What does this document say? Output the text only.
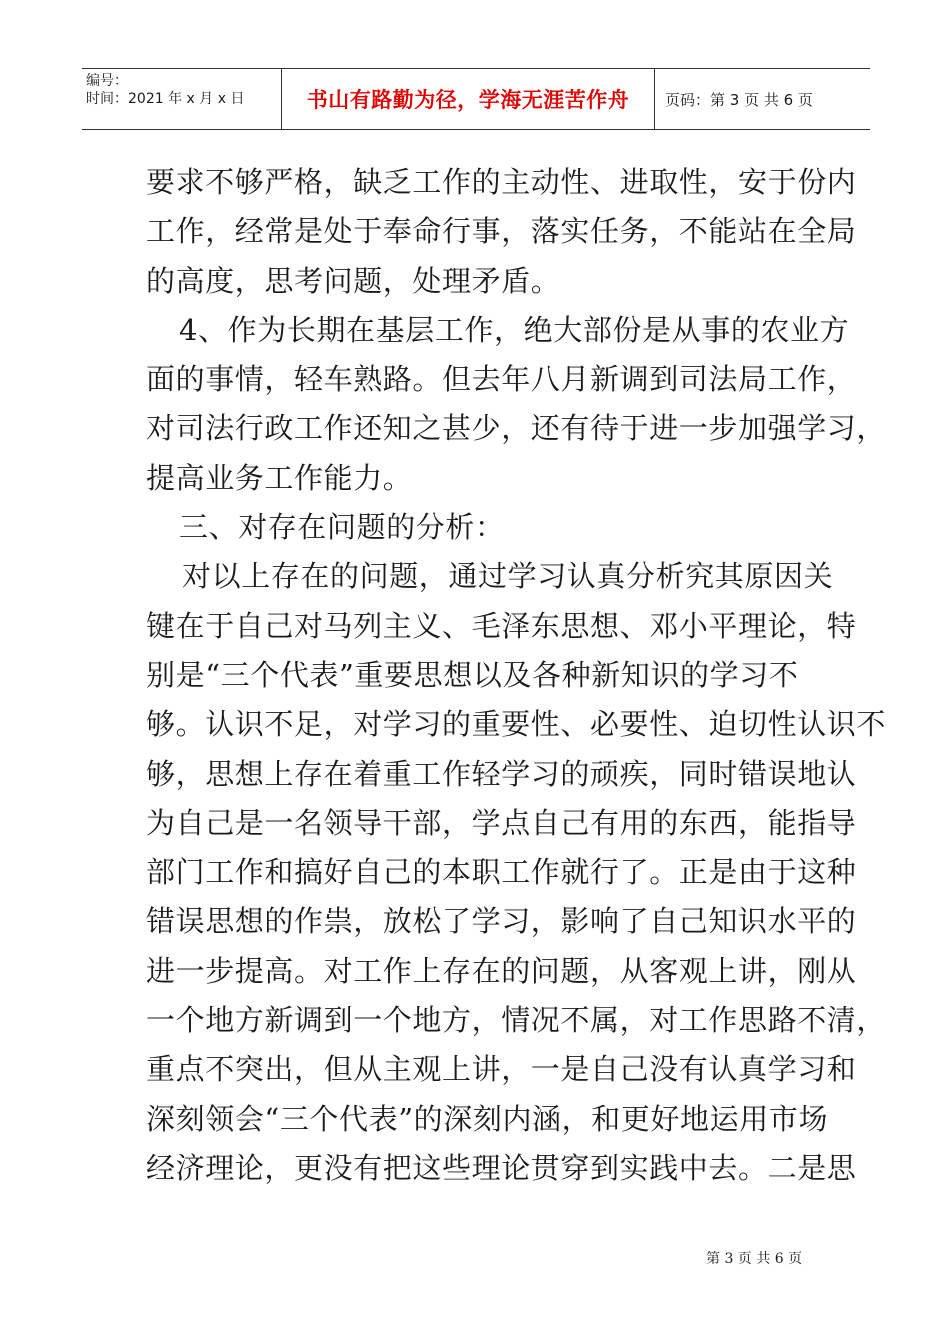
编号：
时间：2021 年 x 月 x 日	书山有路勤为径，学海无涯苦作舟	页码：第 3 页 共 6 页
要求不够严格，缺乏工作的主动性、进取性，安于份内
工作，经常是处于奉命行事，落实任务，不能站在全局
的高度，思考问题，处理矛盾。
4、作为长期在基层工作，绝大部份是从事的农业方
面的事情，轻车熟路。但去年八月新调到司法局工作，
对司法行政工作还知之甚少，还有待于进一步加强学习，
提高业务工作能力。
三、对存在问题的分析：
对以上存在的问题，通过学习认真分析究其原因关
键在于自己对马列主义、毛泽东思想、邓小平理论，特
别是“三个代表”重要思想以及各种新知识的学习不
够。认识不足，对学习的重要性、必要性、迫切性认识不
够，思想上存在着重工作轻学习的顽疾，同时错误地认
为自己是一名领导干部，学点自己有用的东西，能指导
部门工作和搞好自己的本职工作就行了。正是由于这种
错误思想的作祟，放松了学习，影响了自己知识水平的
进一步提高。对工作上存在的问题，从客观上讲，刚从
一个地方新调到一个地方，情况不属，对工作思路不清，
重点不突出，但从主观上讲，一是自己没有认真学习和
深刻领会“三个代表”的深刻内涵，和更好地运用市场
经济理论，更没有把这些理论贯穿到实践中去。二是思
第 3 页 共 6 页
